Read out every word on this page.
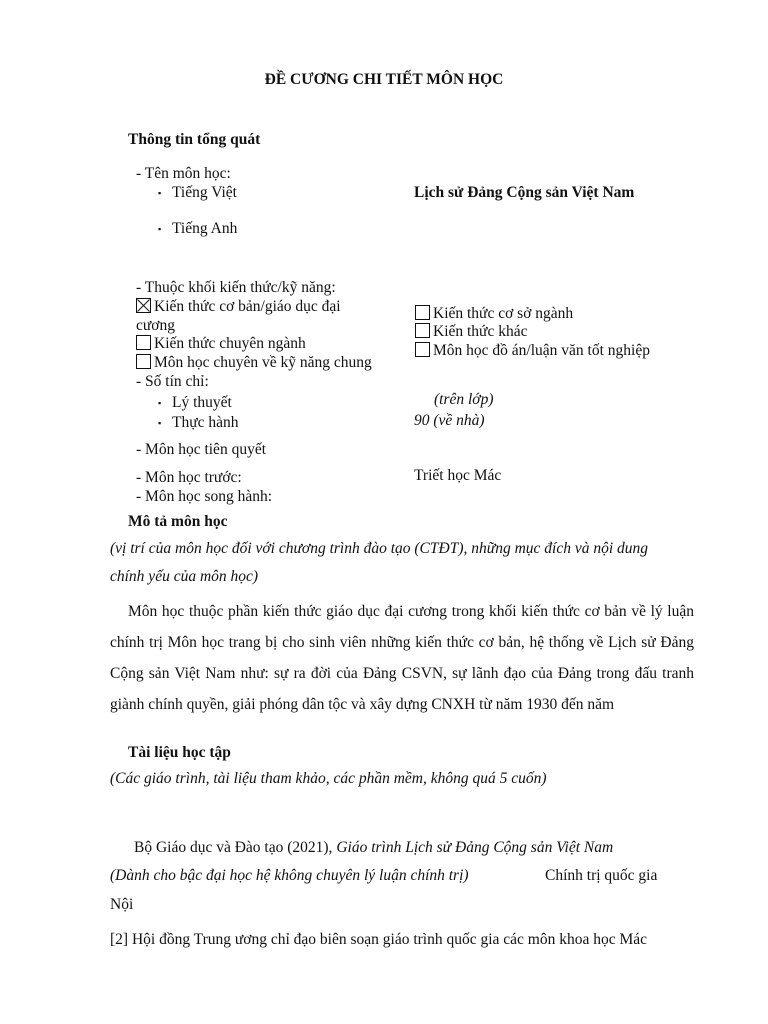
ĐỀ CƯƠNG CHI TIẾT MÔN HỌC
Thông tin tổng quát
- Tên môn học:
▪ Tiếng Việt	Lịch sử Đảng Cộng sản Việt Nam
▪ Tiếng Anh
- Thuộc khối kiến thức/kỹ năng:
Kiến thức cơ bản/giáo dục đại
cương
Kiến thức cơ sở ngành
Kiến thức chuyên ngành
Kiến thức khác
Môn học chuyên về kỹ năng chung
Môn học đồ án/luận văn tốt nghiệp
- Số tín chỉ:
▪ Lý thuyết	(trên lớp)
▪ Thực hành	90 (về nhà)
- Môn học tiên quyết
- Môn học trước:	Triết học Mác
- Môn học song hành:
Mô tả môn học
(vị trí của môn học đối với chương trình đào tạo (CTĐT), những mục đích và nội dung
chính yếu của môn học)
Môn học thuộc phần kiến thức giáo dục đại cương trong khối kiến thức cơ bản về lý luận chính trị Môn học trang bị cho sinh viên những kiến thức cơ bản, hệ thống về Lịch sử Đảng Cộng sản Việt Nam như: sự ra đời của Đảng CSVN, sự lãnh đạo của Đảng trong đấu tranh giành chính quyền, giải phóng dân tộc và xây dựng CNXH từ năm 1930 đến năm
Tài liệu học tập
(Các giáo trình, tài liệu tham khảo, các phần mềm, không quá 5 cuốn)
Bộ Giáo dục và Đào tạo (2021), Giáo trình Lịch sử Đảng Cộng sản Việt Nam
(Dành cho bậc đại học hệ không chuyên lý luận chính trị)	Chính trị quốc gia
Nội
[2] Hội đồng Trung ương chỉ đạo biên soạn giáo trình quốc gia các môn khoa học Mác
